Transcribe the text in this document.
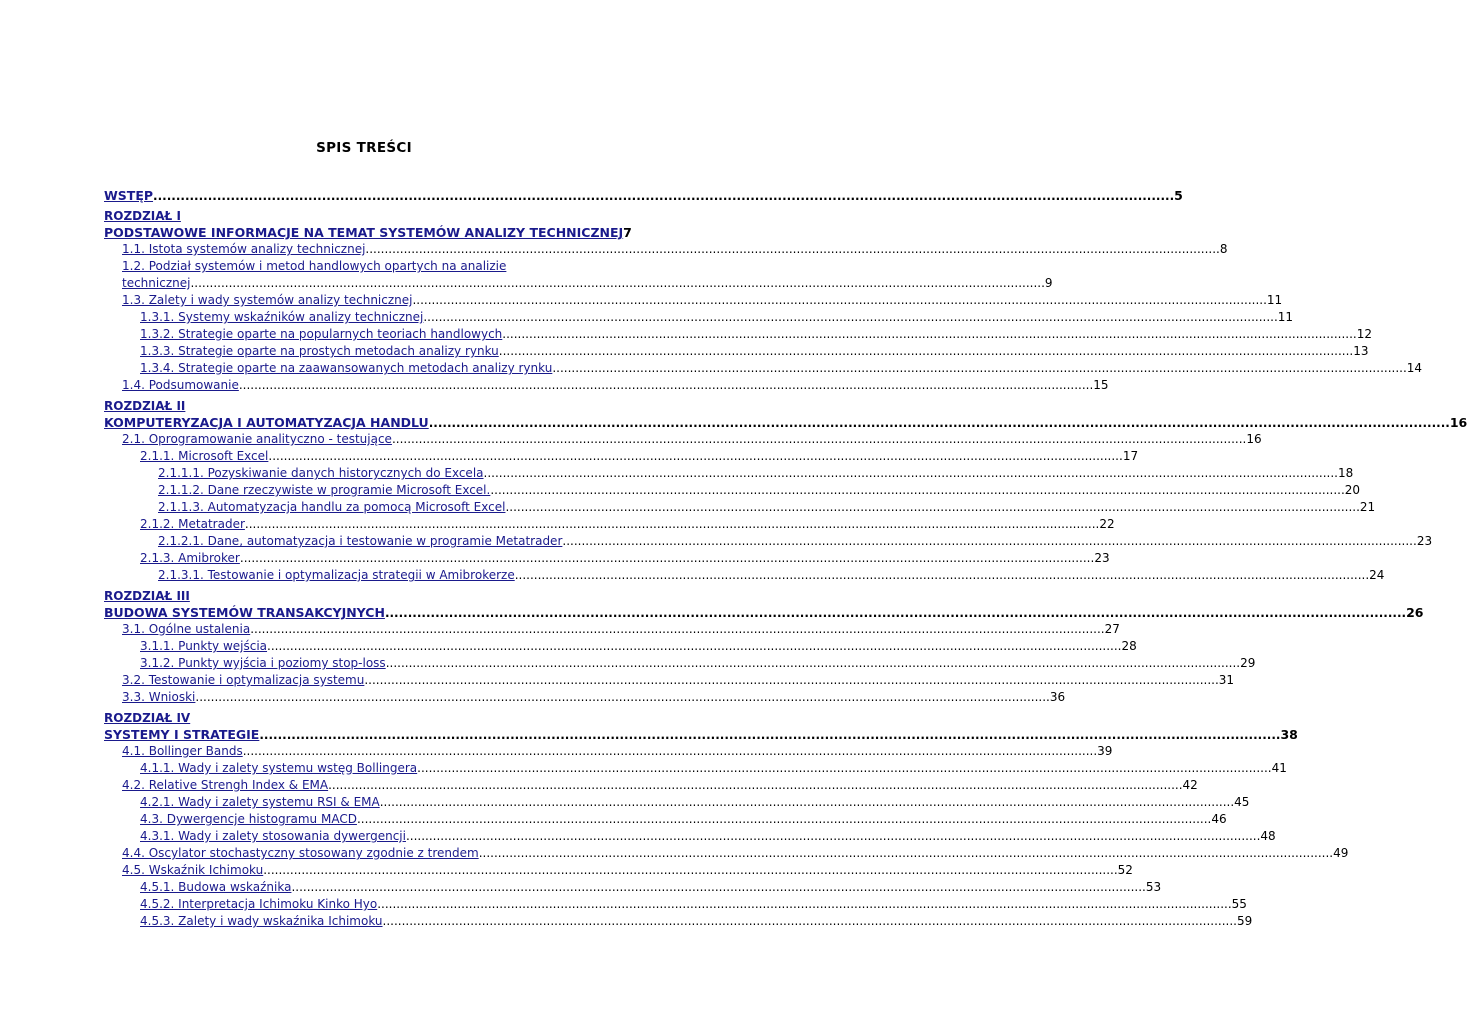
SPIS TREŚCI
WSTĘP .....	5
ROZDZIAŁ I
PODSTAWOWE INFORMACJE NA TEMAT SYSTEMÓW ANALIZY TECHNICZNEJ 7
1.1. Istota systemów analizy technicznej .....	8
1.2. Podział systemów i metod handlowych opartych na analizie
technicznej .....	9
1.3. Zalety i wady systemów analizy technicznej .....	11
1.3.1. Systemy wskaźników analizy technicznej .....	11
1.3.2. Strategie oparte na popularnych teoriach handlowych .....	12
1.3.3. Strategie oparte na prostych metodach analizy rynku .....	13
1.3.4. Strategie oparte na zaawansowanych metodach analizy rynku .....	14
1.4. Podsumowanie .....	15
ROZDZIAŁ II
KOMPUTERYZACJA I AUTOMATYZACJA HANDLU .....	16
2.1. Oprogramowanie analityczno - testujące .....	16
2.1.1. Microsoft Excel .....	17
2.1.1.1. Pozyskiwanie danych historycznych do Excela .....	18
2.1.1.2. Dane rzeczywiste w programie Microsoft Excel. .....	20
2.1.1.3. Automatyzacja handlu za pomocą Microsoft Excel .....	21
2.1.2. Metatrader .....	22
2.1.2.1. Dane, automatyzacja i testowanie w programie Metatrader .....	23
2.1.3. Amibroker .....	23
2.1.3.1. Testowanie i optymalizacja strategii w Amibrokerze .....	24
ROZDZIAŁ III
BUDOWA SYSTEMÓW TRANSAKCYJNYCH .....	26
3.1. Ogólne ustalenia .....	27
3.1.1. Punkty wejścia .....	28
3.1.2. Punkty wyjścia i poziomy stop-loss .....	29
3.2. Testowanie i optymalizacja systemu .....	31
3.3. Wnioski .....	36
ROZDZIAŁ IV
SYSTEMY I STRATEGIE .....	38
4.1. Bollinger Bands .....	39
4.1.1. Wady i zalety systemu wstęg Bollingera .....	41
4.2. Relative Strengh Index & EMA .....	42
4.2.1. Wady i zalety systemu RSI & EMA .....	45
4.3. Dywergencje histogramu MACD .....	46
4.3.1. Wady i zalety stosowania dywergencji .....	48
4.4. Oscylator stochastyczny stosowany zgodnie z trendem .....	49
4.5. Wskaźnik Ichimoku .....	52
4.5.1. Budowa wskaźnika .....	53
4.5.2. Interpretacja Ichimoku Kinko Hyo .....	55
4.5.3. Zalety i wady wskaźnika Ichimoku .....	59
